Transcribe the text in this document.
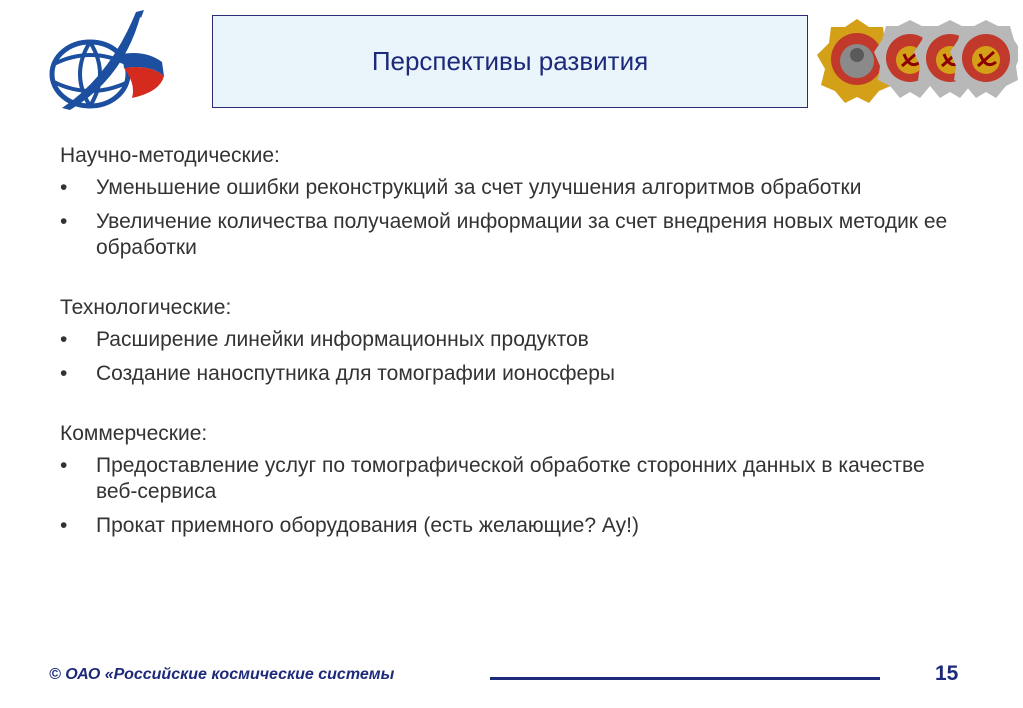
Перспективы развития
Научно-методические:
• Уменьшение ошибки реконструкций за счет улучшения алгоритмов обработки
• Увеличение количества получаемой информации за счет внедрения новых методик ее обработки
Технологические:
• Расширение линейки информационных продуктов
• Создание наноспутника для томографии ионосферы
Коммерческие:
• Предоставление услуг по томографической обработке сторонних данных в качестве веб-сервиса
• Прокат приемного оборудования (есть желающие? Ау!)
© ОАО «Российские космические системы	15
